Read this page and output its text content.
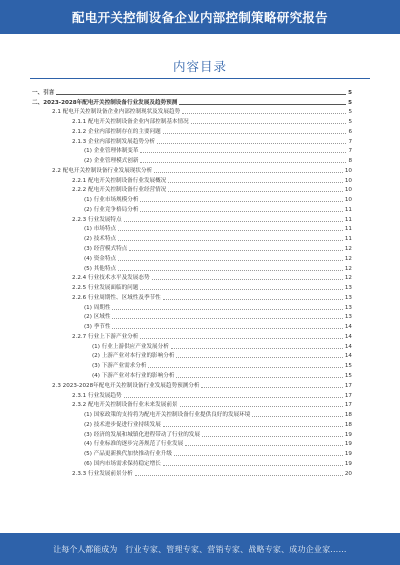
配电开关控制设备企业内部控制策略研究报告
内容目录
一、引言	5
二、2023-2028年配电开关控制设备行业发展及趋势预测	5
2.1 配电开关控制设备企业内部控制现状及发展趋势	5
2.1.1 配电开关控制设备企业内部控制基本情况	5
2.1.2 企业内部控制存在的主要问题	6
2.1.3 企业内部控制发展趋势分析	7
(1) 企业管理体制变革	7
(2) 企业管理模式创新	8
2.2 配电开关控制设备行业发展现状分析	10
2.2.1 配电开关控制设备行业发展概况	10
2.2.2 配电开关控制设备行业经营情况	10
(1) 行业市场规模分析	10
(2) 行业竞争格局分析	11
2.2.3 行业发展特点	11
(1) 市场特点	11
(2) 技术特点	11
(3) 经营模式特点	12
(4) 资金特点	12
(5) 其他特点	12
2.2.4 行业技术水平及发展态势	12
2.2.5 行业发展面临的问题	13
2.2.6 行业周期性、区域性及季节性	13
(1) 周期性	13
(2) 区域性	13
(3) 季节性	14
2.2.7 行业上下游产业分析	14
(1) 行业上游供应产业发展分析	14
(2) 上游产业对本行业的影响分析	14
(3) 下游产业需求分析	15
(4) 下游产业对本行业的影响分析	15
2.3 2023-2028年配电开关控制设备行业发展趋势预测分析	17
2.3.1 行业发展趋势	17
2.3.2 配电开关控制设备行业未来发展前景	17
(1) 国家政策的支持将为配电开关控制设备行业提供良好的发展环境	18
(2) 技术进步促进行业持续发展	18
(3) 经济的发展和城镇化进程带动了行业的发展	19
(4) 行业标准的逐步完善规范了行业发展	19
(5) 产品更新换代加快推动行业升级	19
(6) 国内市场需求保持稳定增长	19
2.3.3 行业发展前景分析	20
让每个人都能成为 行业专家、管理专家、营销专家、战略专家、成功企业家……
